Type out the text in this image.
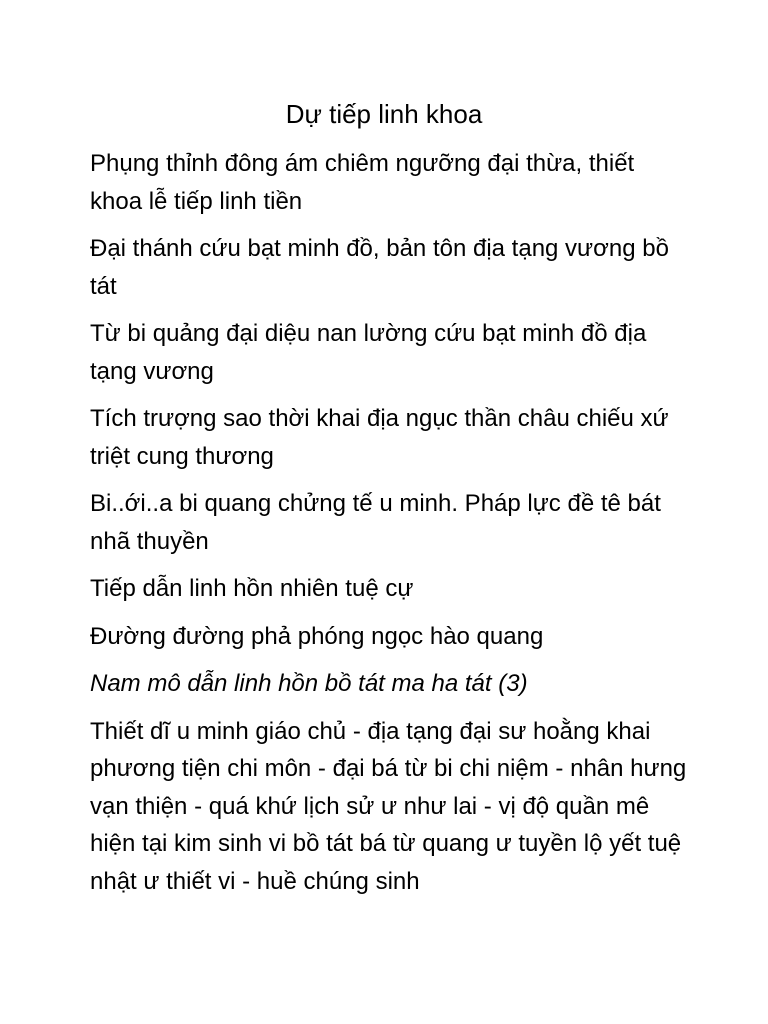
Dự tiếp linh khoa

Phụng thỉnh đông ám chiêm ngưỡng đại thừa, thiết khoa lễ tiếp linh tiền

Đại thánh cứu bạt minh đồ, bản tôn địa tạng vương bồ tát

Từ bi quảng đại diệu nan lường cứu bạt minh đồ địa tạng vương

Tích trượng sao thời khai địa ngục thần châu chiếu xứ triệt cung thương

Bi..ới..a bi quang chửng tế u minh. Pháp lực đề tê bát nhã thuyền

Tiếp dẫn linh hồn nhiên tuệ cự

Đường đường phả phóng ngọc hào quang

Nam mô dẫn linh hồn bồ tát ma ha tát (3)

Thiết dĩ u minh giáo chủ - địa tạng đại sư hoằng khai phương tiện chi môn - đại bá từ bi chi niệm - nhân hưng vạn thiện - quá khứ lịch sử ư như lai - vị độ quần mê hiện tại kim sinh vi bồ tát bá từ quang ư tuyền lộ yết tuệ nhật ư thiết vi - huề chúng sinh
